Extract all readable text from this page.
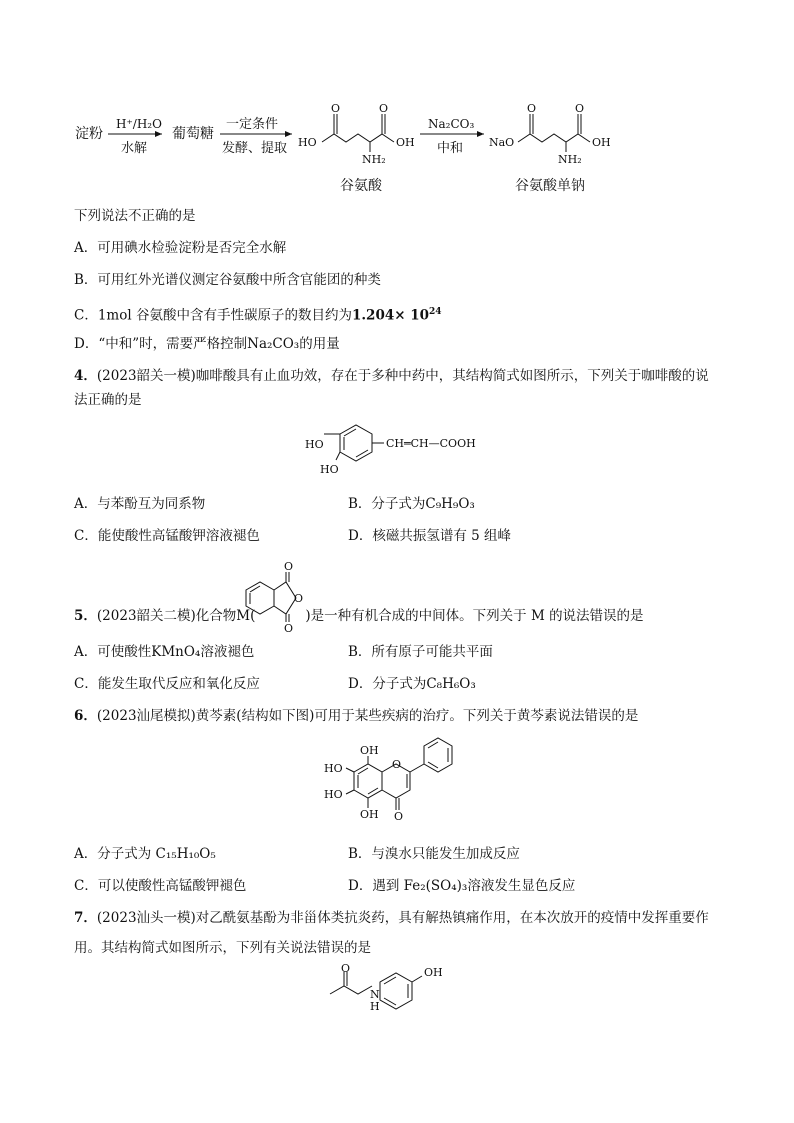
淀粉
H⁺/H₂O
水解
葡萄糖
一定条件
发酵、提取 HO
O	O
OH
NH₂
谷氨酸
Na₂CO₃
中和 NaO
O	O
OH
NH₂
谷氨酸单钠
下列说法不正确的是
A．可用碘水检验淀粉是否完全水解
B．可用红外光谱仪测定谷氨酸中所含官能团的种类
C．1mol 谷氨酸中含有手性碳原子的数目约为$1.204\times 10^{24}$
D．“中和”时，需要严格控制Na₂CO₃的用量
4．(2023韶关一模)咖啡酸具有止血功效，存在于多种中药中，其结构简式如图所示，下列关于咖啡酸的说
法正确的是
HO
HO
CH═CH—COOH
A．与苯酚互为同系物	B．分子式为C₉H₉O₃
C．能使酸性高锰酸钾溶液褪色	D．核磁共振氢谱有 5 组峰
5．(2023韶关二模)化合物M(	)是一种有机合成的中间体。下列关于 M 的说法错误的是
O
O
O
A．可使酸性KMnO₄溶液褪色	B．所有原子可能共平面
C．能发生取代反应和氧化反应	D．分子式为C₈H₆O₃
6．(2023汕尾模拟)黄芩素(结构如下图)可用于某些疾病的治疗。下列关于黄芩素说法错误的是
O
OH
HO
HO
OH O
A．分子式为 C₁₅H₁₀O₅	B．与溴水只能发生加成反应
C．可以使酸性高锰酸钾褪色	D．遇到 Fe₂(SO₄)₃溶液发生显色反应
7．(2023汕头一模)对乙酰氨基酚为非甾体类抗炎药，具有解热镇痛作用，在本次放开的疫情中发挥重要作
用。其结构简式如图所示，下列有关说法错误的是
O
N
H
OH
